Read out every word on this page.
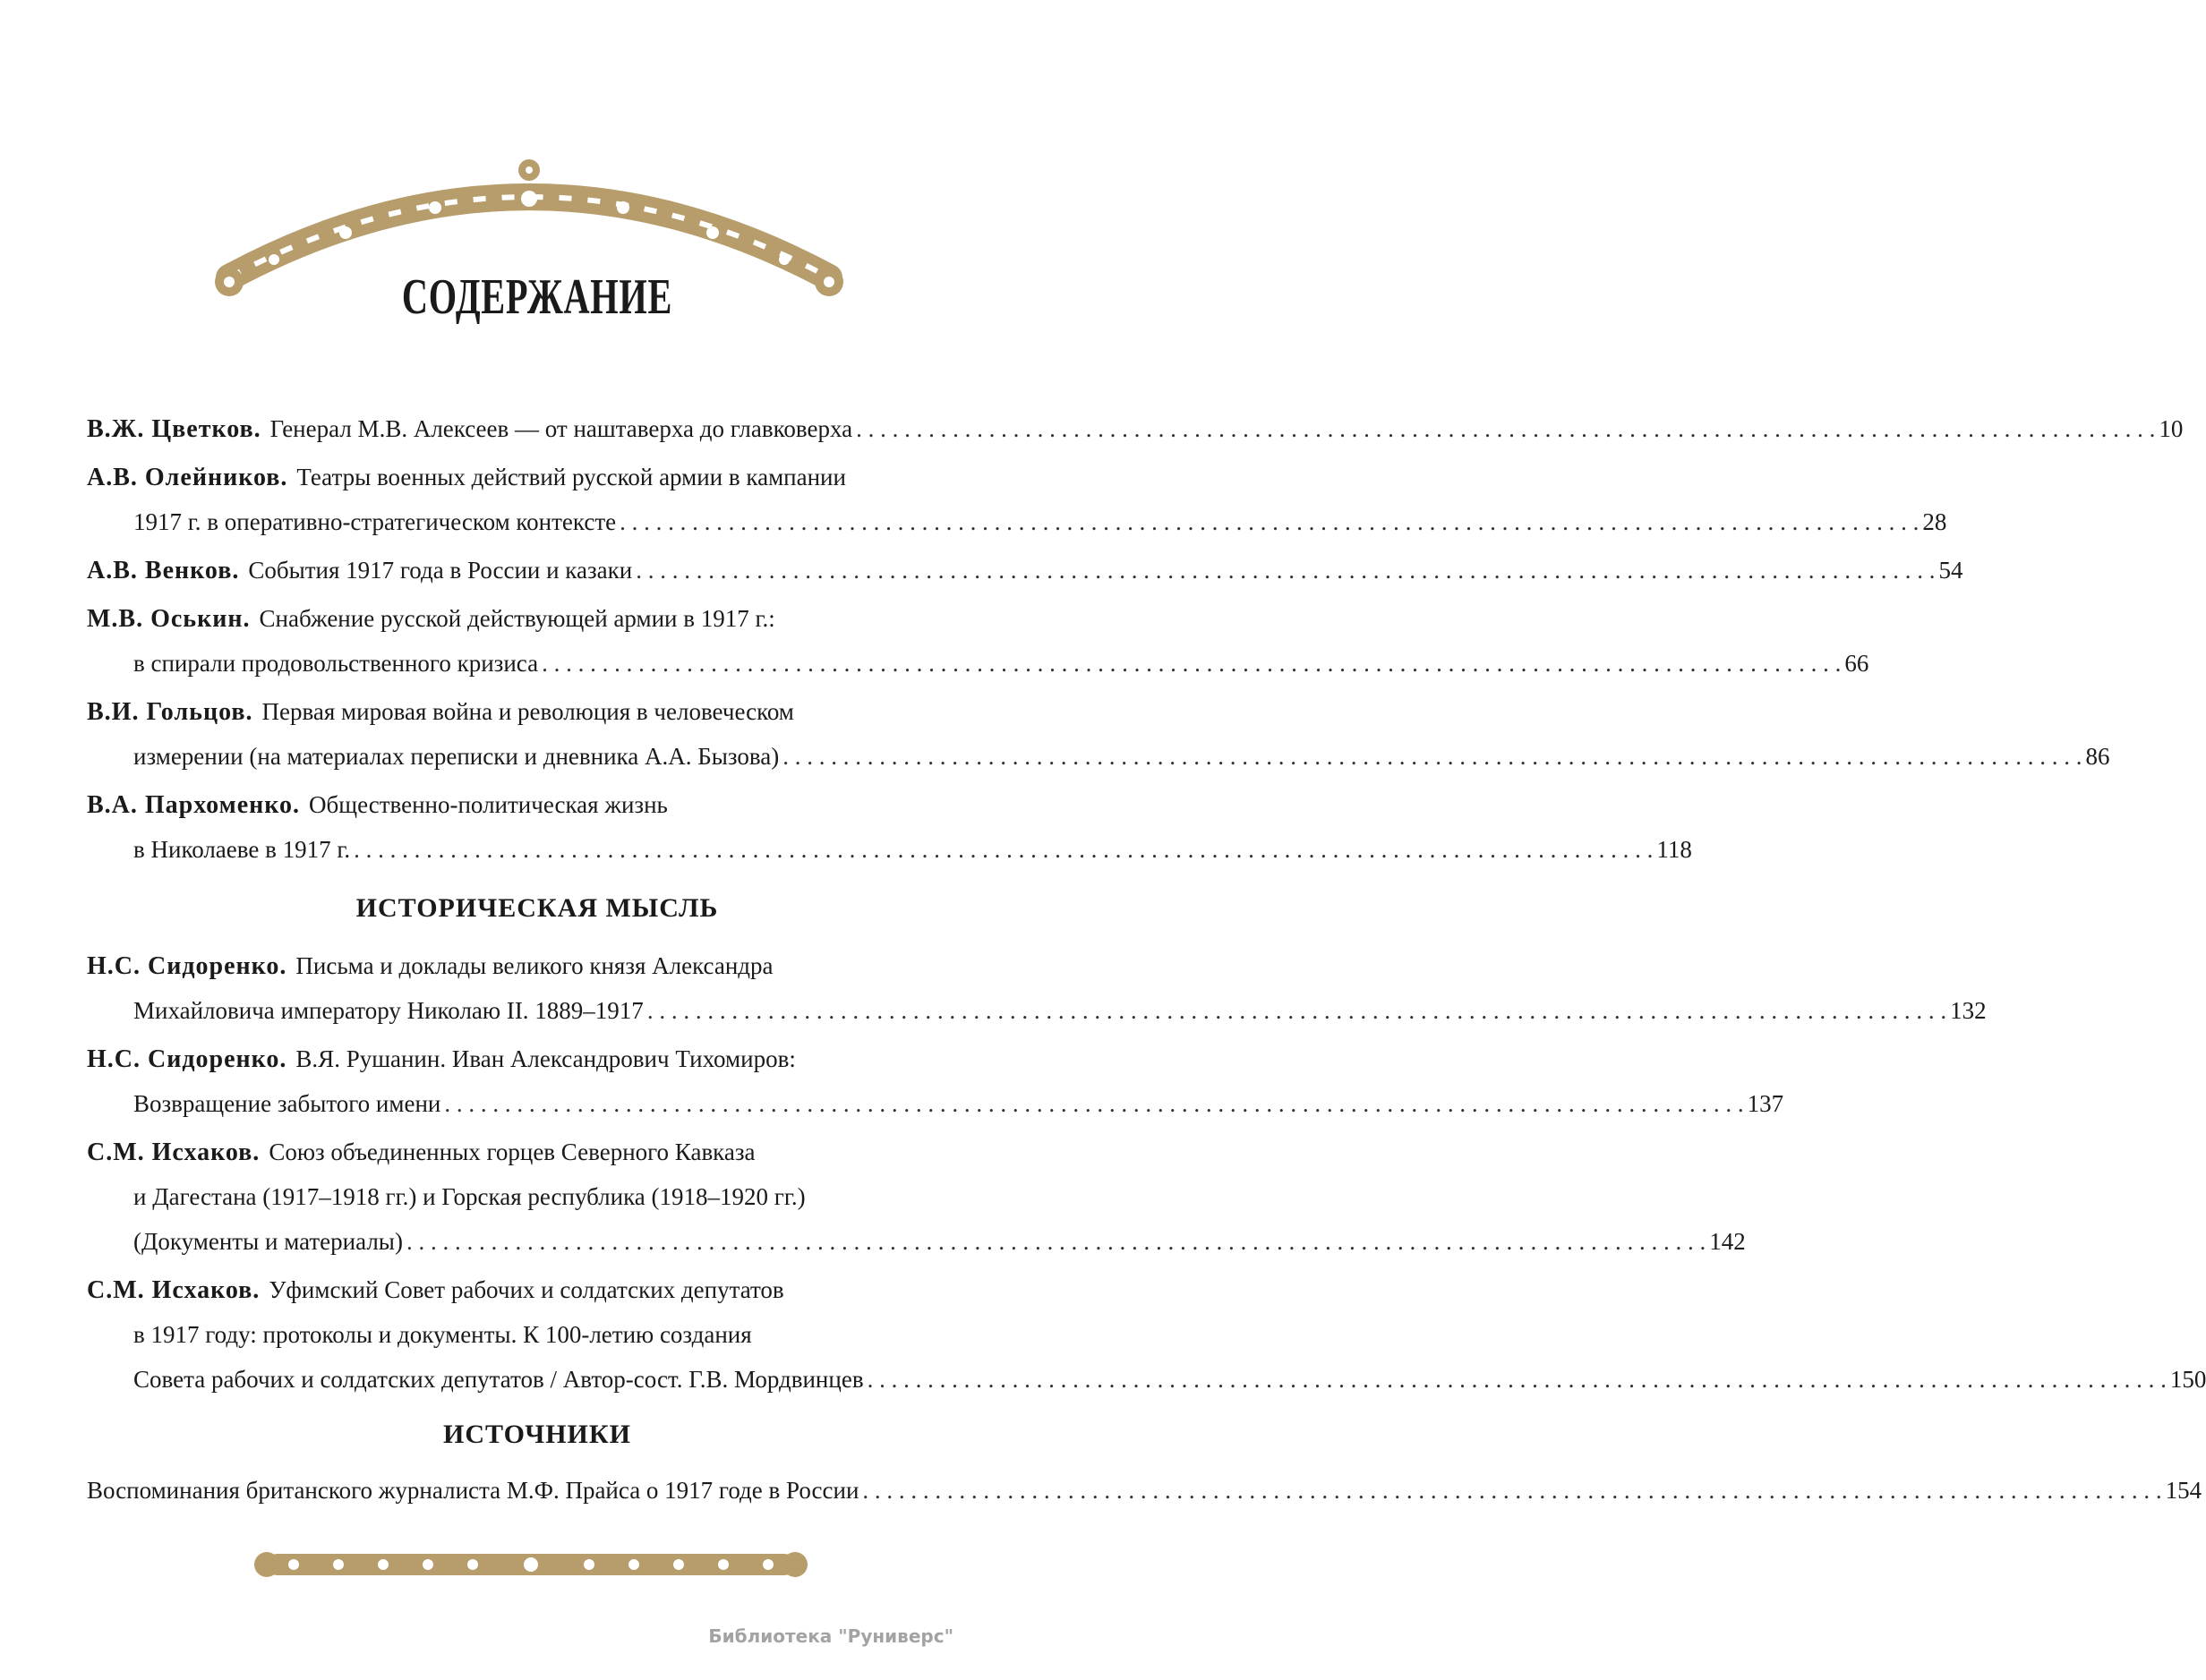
СОДЕРЖАНИЕ
В.Ж. Цветков. Генерал М.В. Алексеев — от наштаверха до главковерха . . .	10
А.В. Олейников. Театры военных действий русской армии в кампании
1917 г. в оперативно-стратегическом контексте . . .	28
А.В. Венков. События 1917 года в России и казаки . . .	54
М.В. Оськин. Снабжение русской действующей армии в 1917 г.:
в спирали продовольственного кризиса . . .	66
В.И. Гольцов. Первая мировая война и революция в человеческом
измерении (на материалах переписки и дневника А.А. Бызова) . . .	86
В.А. Пархоменко. Общественно-политическая жизнь
в Николаеве в 1917 г. . . .	118
ИСТОРИЧЕСКАЯ МЫСЛЬ
Н.С. Сидоренко. Письма и доклады великого князя Александра
Михайловича императору Николаю II. 1889–1917 . . .	132
Н.С. Сидоренко. В.Я. Рушанин. Иван Александрович Тихомиров:
Возвращение забытого имени . . .	137
С.М. Исхаков. Союз объединенных горцев Северного Кавказа
и Дагестана (1917–1918 гг.) и Горская республика (1918–1920 гг.)
(Документы и материалы) . . .	142
С.М. Исхаков. Уфимский Совет рабочих и солдатских депутатов
в 1917 году: протоколы и документы. К 100-летию создания
Совета рабочих и солдатских депутатов / Автор-сост. Г.В. Мордвинцев . . .	150
ИСТОЧНИКИ
Воспоминания британского журналиста М.Ф. Прайса о 1917 годе в России . . .	154
Библиотека "Руниверс"
